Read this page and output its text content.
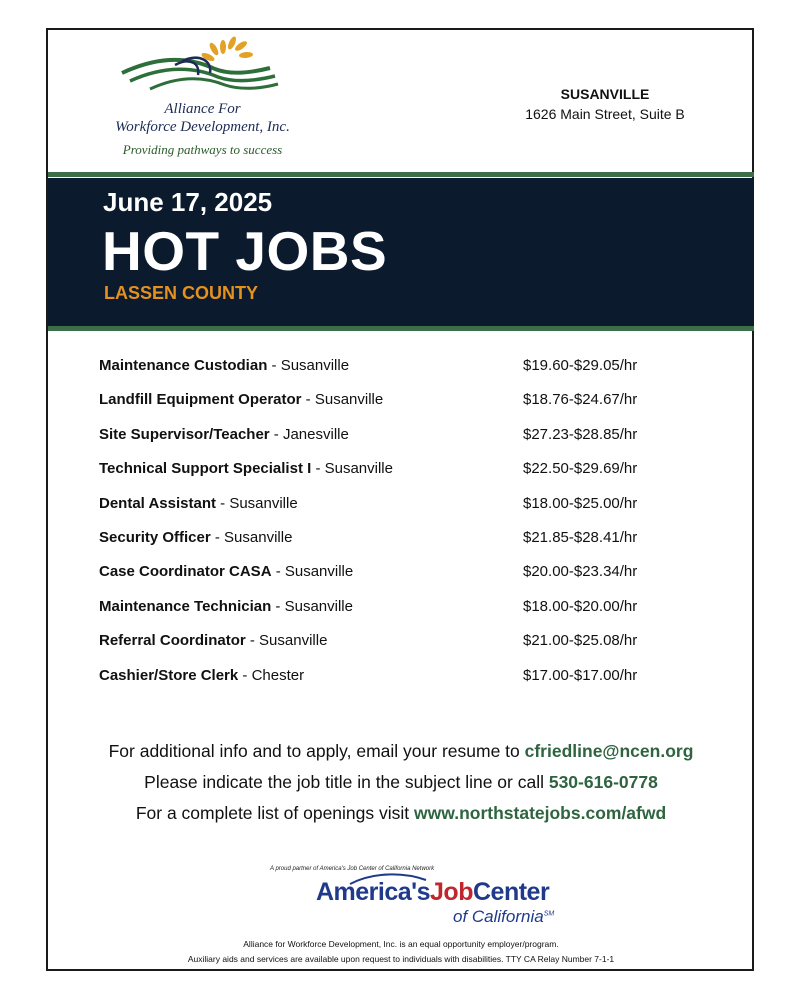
Alliance For
Workforce Development, Inc.
Providing pathways to success
SUSANVILLE
1626 Main Street, Suite B
June 17, 2025
HOT JOBS
LASSEN COUNTY
Maintenance Custodian - Susanville	$19.60-$29.05/hr
Landfill Equipment Operator - Susanville	$18.76-$24.67/hr
Site Supervisor/Teacher - Janesville	$27.23-$28.85/hr
Technical Support Specialist I - Susanville	$22.50-$29.69/hr
Dental Assistant - Susanville	$18.00-$25.00/hr
Security Officer - Susanville	$21.85-$28.41/hr
Case Coordinator CASA - Susanville	$20.00-$23.34/hr
Maintenance Technician - Susanville	$18.00-$20.00/hr
Referral Coordinator - Susanville	$21.00-$25.08/hr
Cashier/Store Clerk - Chester	$17.00-$17.00/hr
For additional info and to apply, email your resume to cfriedline@ncen.org
Please indicate the job title in the subject line or call 530-616-0778
For a complete list of openings visit www.northstatejobs.com/afwd
A proud partner of America's Job Center of California Network
America'sJobCenter
of California℠
Alliance for Workforce Development, Inc. is an equal opportunity employer/program.
Auxiliary aids and services are available upon request to individuals with disabilities. TTY CA Relay Number 7-1-1
